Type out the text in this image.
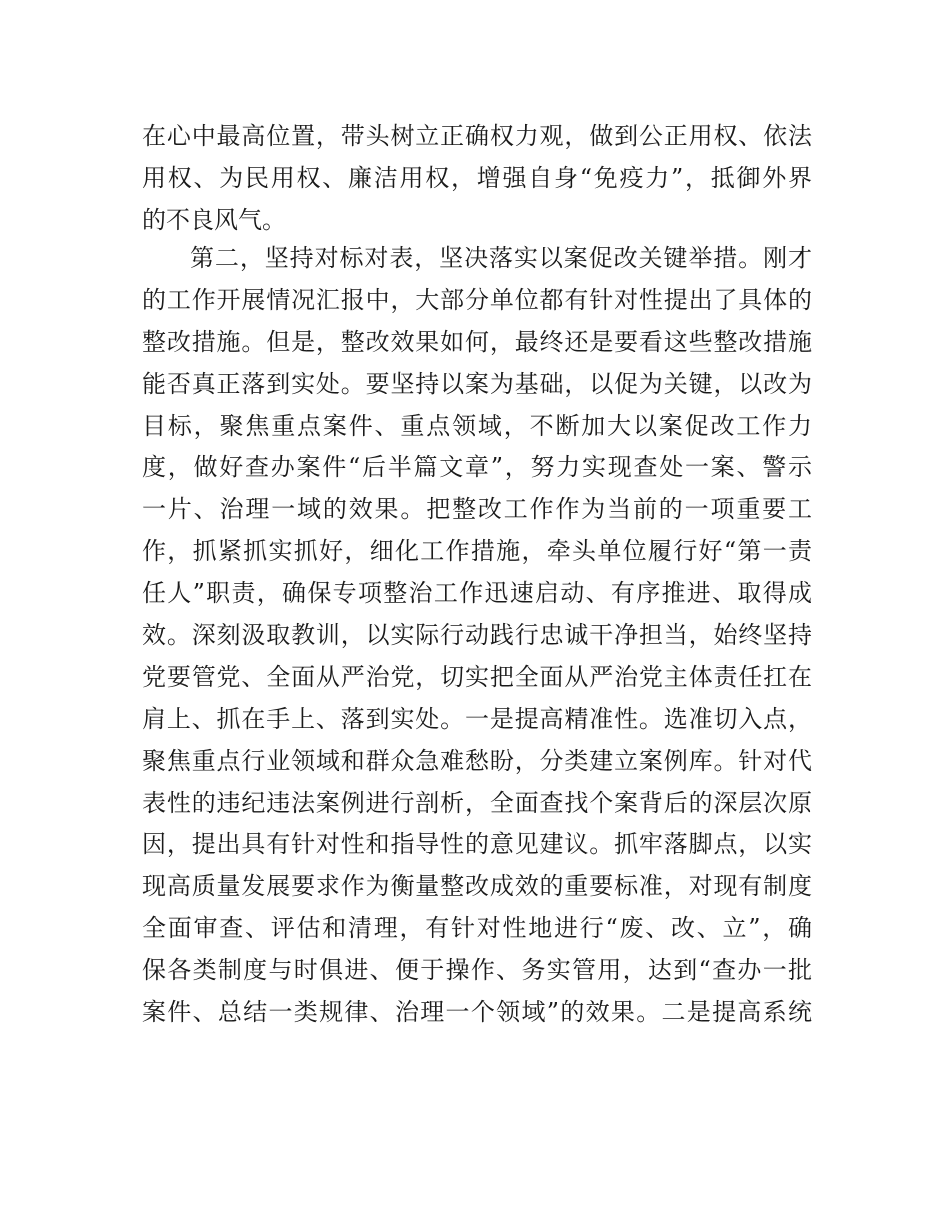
在心中最高位置，带头树立正确权力观，做到公正用权、依法
用权、为民用权、廉洁用权，增强自身“免疫力”，抵御外界
的不良风气。
第二，坚持对标对表，坚决落实以案促改关键举措。刚才
的工作开展情况汇报中，大部分单位都有针对性提出了具体的
整改措施。但是，整改效果如何，最终还是要看这些整改措施
能否真正落到实处。要坚持以案为基础，以促为关键，以改为
目标，聚焦重点案件、重点领域，不断加大以案促改工作力
度，做好查办案件“后半篇文章”，努力实现查处一案、警示
一片、治理一域的效果。把整改工作作为当前的一项重要工
作，抓紧抓实抓好，细化工作措施，牵头单位履行好“第一责
任人”职责，确保专项整治工作迅速启动、有序推进、取得成
效。深刻汲取教训，以实际行动践行忠诚干净担当，始终坚持
党要管党、全面从严治党，切实把全面从严治党主体责任扛在
肩上、抓在手上、落到实处。一是提高精准性。选准切入点，
聚焦重点行业领域和群众急难愁盼，分类建立案例库。针对代
表性的违纪违法案例进行剖析，全面查找个案背后的深层次原
因，提出具有针对性和指导性的意见建议。抓牢落脚点，以实
现高质量发展要求作为衡量整改成效的重要标准，对现有制度
全面审查、评估和清理，有针对性地进行“废、改、立”，确
保各类制度与时俱进、便于操作、务实管用，达到“查办一批
案件、总结一类规律、治理一个领域”的效果。二是提高系统
